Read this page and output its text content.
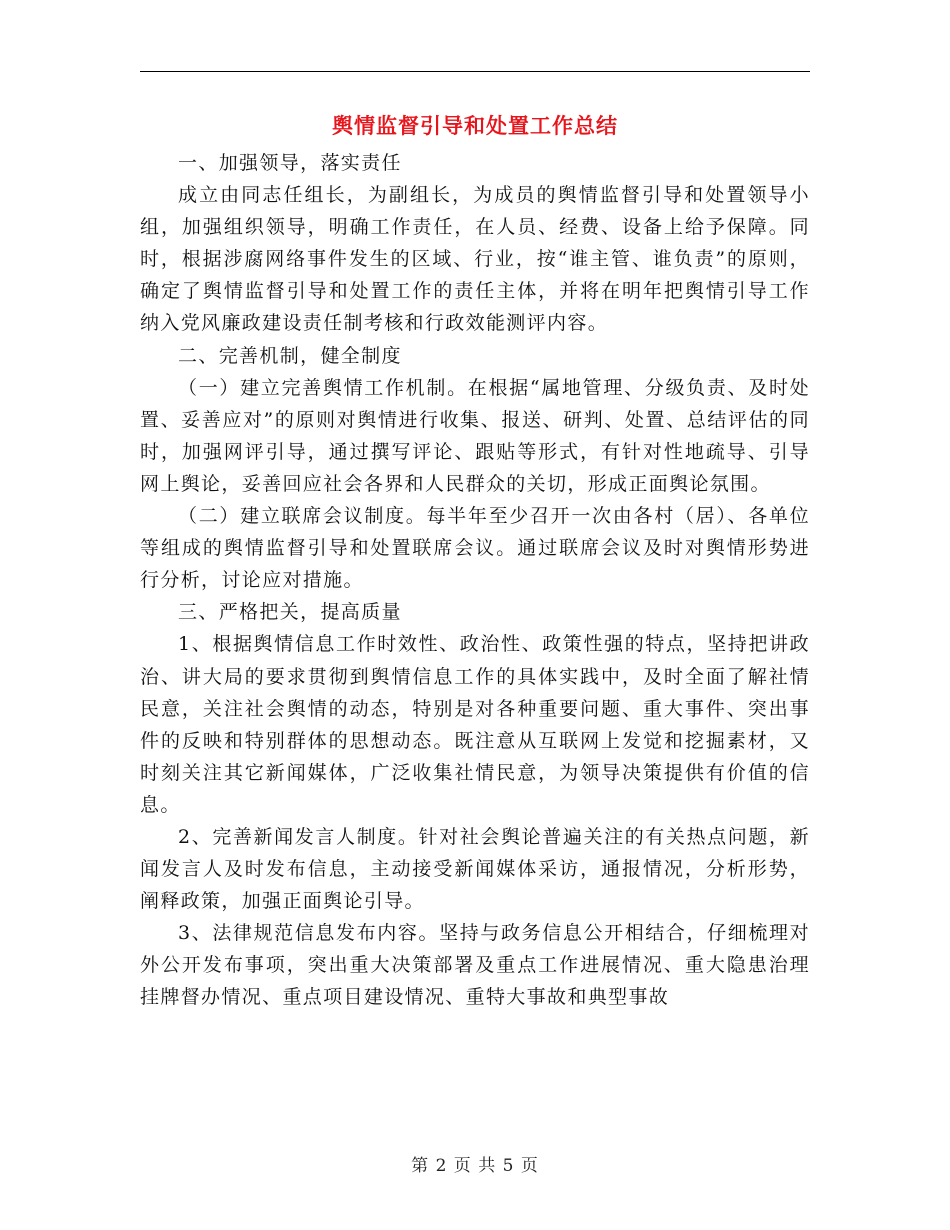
舆情监督引导和处置工作总结

一、加强领导，落实责任

成立由同志任组长，为副组长，为成员的舆情监督引导和处置领导小组，加强组织领导，明确工作责任，在人员、经费、设备上给予保障。同时，根据涉腐网络事件发生的区域、行业，按“谁主管、谁负责”的原则，确定了舆情监督引导和处置工作的责任主体，并将在明年把舆情引导工作纳入党风廉政建设责任制考核和行政效能测评内容。

二、完善机制，健全制度

（一）建立完善舆情工作机制。在根据“属地管理、分级负责、及时处置、妥善应对”的原则对舆情进行收集、报送、研判、处置、总结评估的同时，加强网评引导，通过撰写评论、跟贴等形式，有针对性地疏导、引导网上舆论，妥善回应社会各界和人民群众的关切，形成正面舆论氛围。

（二）建立联席会议制度。每半年至少召开一次由各村（居）、各单位等组成的舆情监督引导和处置联席会议。通过联席会议及时对舆情形势进行分析，讨论应对措施。

三、严格把关，提高质量

1、根据舆情信息工作时效性、政治性、政策性强的特点，坚持把讲政治、讲大局的要求贯彻到舆情信息工作的具体实践中，及时全面了解社情民意，关注社会舆情的动态，特别是对各种重要问题、重大事件、突出事件的反映和特别群体的思想动态。既注意从互联网上发觉和挖掘素材，又时刻关注其它新闻媒体，广泛收集社情民意，为领导决策提供有价值的信息。

2、完善新闻发言人制度。针对社会舆论普遍关注的有关热点问题，新闻发言人及时发布信息，主动接受新闻媒体采访，通报情况，分析形势，阐释政策，加强正面舆论引导。

3、法律规范信息发布内容。坚持与政务信息公开相结合，仔细梳理对外公开发布事项，突出重大决策部署及重点工作进展情况、重大隐患治理挂牌督办情况、重点项目建设情况、重特大事故和典型事故

第 2 页 共 5 页
